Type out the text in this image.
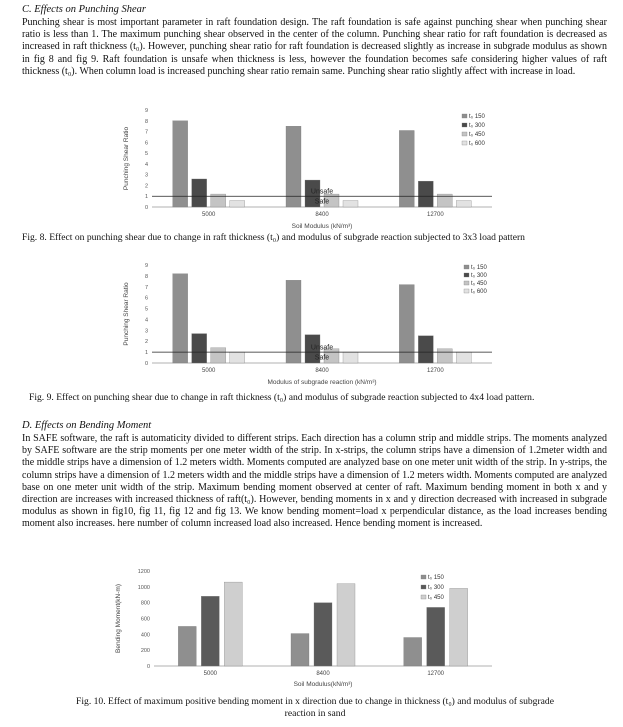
C. Effects on Punching Shear

Punching shear is most important parameter in raft foundation design. The raft foundation is safe against punching shear when punching shear ratio is less than 1. The maximum punching shear observed in the center of the column. Punching shear ratio for raft foundation is decreased as increased in raft thickness (t₀). However, punching shear ratio for raft foundation is decreased slightly as increase in subgrade modulus as shown in fig 8 and fig 9. Raft foundation is unsafe when thickness is less, however the foundation becomes safe considering higher values of raft thickness (t₀). When column load is increased punching shear ratio remain same. Punching shear ratio slightly affect with increase in load.

0
1
2
3
4
5
6
7
8
9
Punching Shear Ratio
5000	8400	12700
Unsafe
Safe
Soil Modulus (kN/m³)
t₀ 150
t₀ 300
t₀ 450
t₀ 600
Fig. 8. Effect on punching shear due to change in raft thickness (t₀) and modulus of subgrade reaction subjected to 3x3 load pattern
0
1
2
3
4
5
6
7
8
9
Punching Shear Ratio
5000	8400	12700
Unsafe
Safe
Modulus of subgrade reaction (kN/m³)
t₀ 150
t₀ 300
t₀ 450
t₀ 600
Fig. 9. Effect on punching shear due to change in raft thickness (t₀) and modulus of subgrade reaction subjected to 4x4 load pattern.
D. Effects on Bending Moment

In SAFE software, the raft is automaticity divided to different strips. Each direction has a column strip and middle strips. The moments analyzed by SAFE software are the strip moments per one meter width of the strip. In x-strips, the column strips have a dimension of 1.2meter width and the middle strips have a dimension of 1.2 meters width. Moments computed are analyzed base on one meter unit width of the strip. In y-strips, the column strips have a dimension of 1.2 meters width and the middle strips have a dimension of 1.2 meters width. Moments computed are analyzed base on one meter unit width of the strip. Maximum bending moment observed at center of raft. Maximum bending moment in both x and y direction are increases with increased thickness of raft(t₀). However, bending moments in x and y direction decreased with increased in subgrade modulus as shown in fig10, fig 11, fig 12 and fig 13. We know bending moment=load x perpendicular distance, as the load increases bending moment also increases. here number of column increased load also increased. Hence bending moment is increased.

0
200
400
600
800
1000
1200
Bending Moment(kN-m)
5000	8400	12700
Soil Modulus(kN/m³)
t₀ 150
t₀ 300
t₀ 450
Fig. 10. Effect of maximum positive bending moment in x direction due to change in thickness (t₀) and modulus of subgrade
reaction in sand
